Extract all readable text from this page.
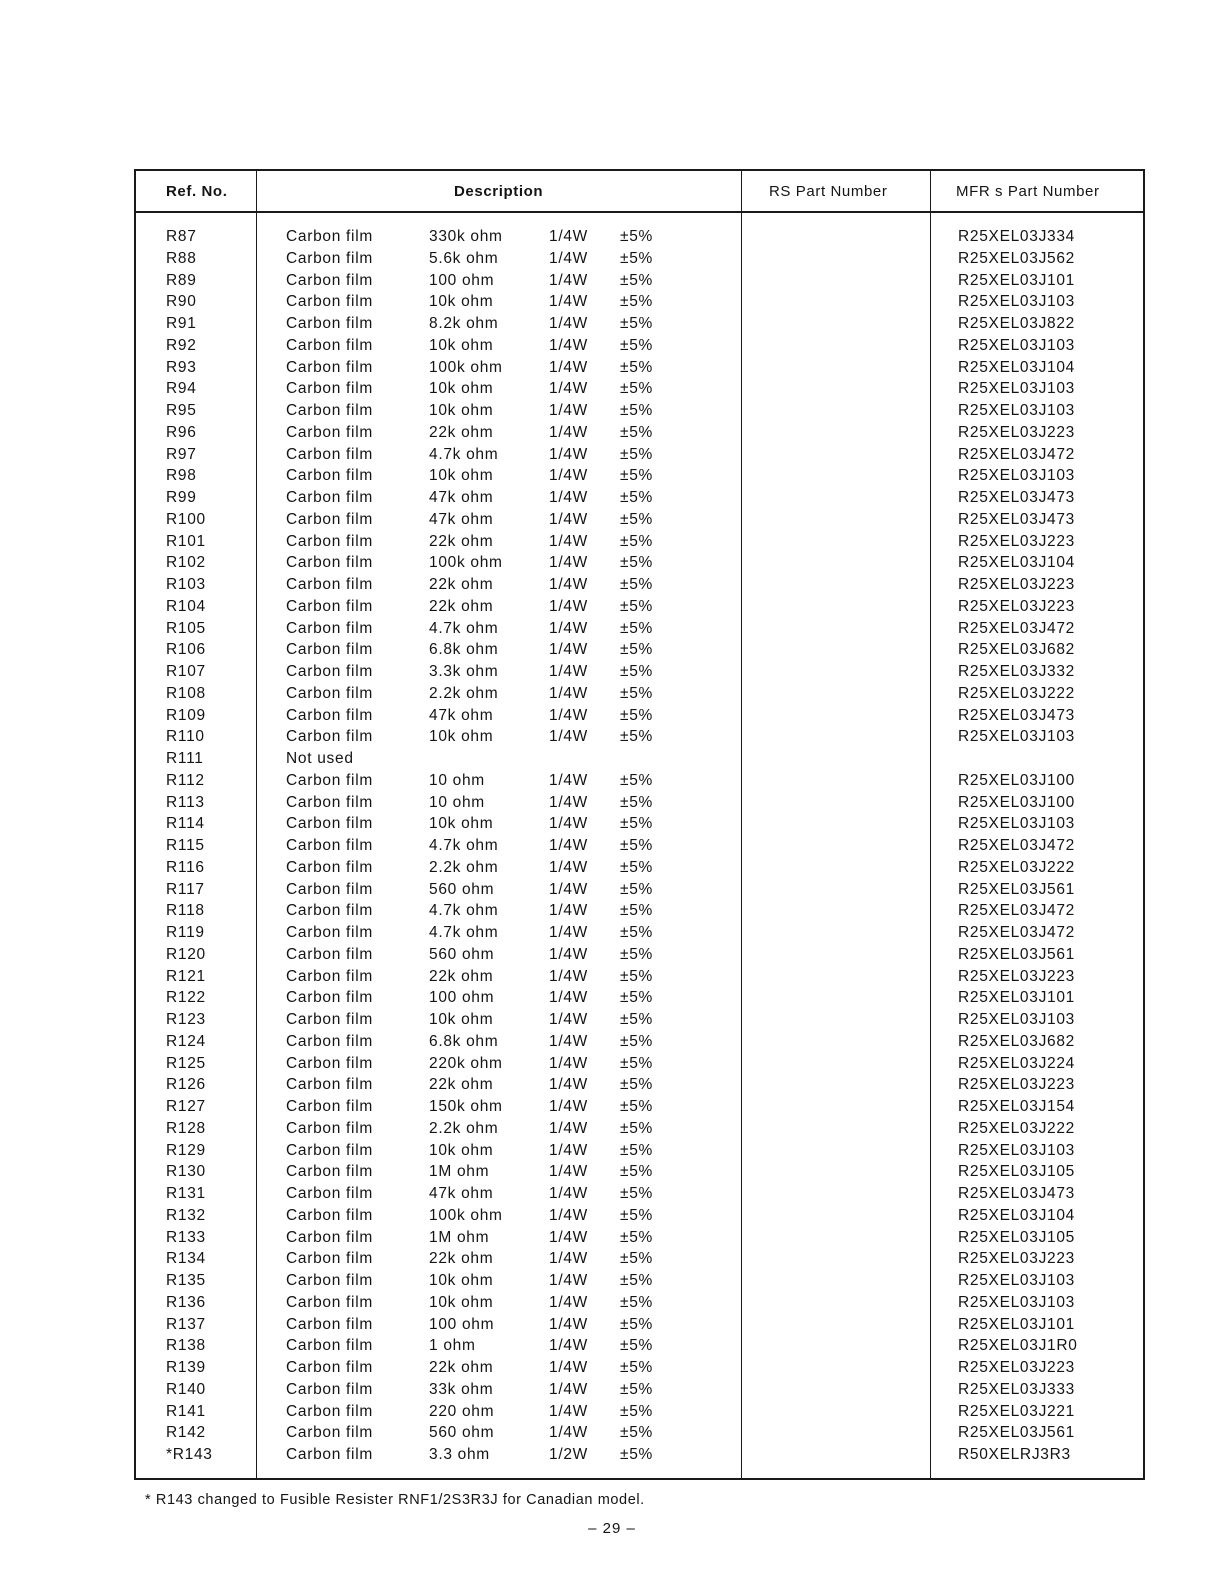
Ref. No.	Description	RS Part Number	MFR s Part Number
R87	Carbon film	330k ohm	1/4W ±5%	R25XEL03J334
R88	Carbon film	5.6k ohm	1/4W ±5%	R25XEL03J562
R89	Carbon film	100 ohm	1/4W ±5%	R25XEL03J101
R90	Carbon film	10k ohm	1/4W ±5%	R25XEL03J103
R91	Carbon film	8.2k ohm	1/4W ±5%	R25XEL03J822
R92	Carbon film	10k ohm	1/4W ±5%	R25XEL03J103
R93	Carbon film	100k ohm	1/4W ±5%	R25XEL03J104
R94	Carbon film	10k ohm	1/4W ±5%	R25XEL03J103
R95	Carbon film	10k ohm	1/4W ±5%	R25XEL03J103
R96	Carbon film	22k ohm	1/4W ±5%	R25XEL03J223
R97	Carbon film	4.7k ohm	1/4W ±5%	R25XEL03J472
R98	Carbon film	10k ohm	1/4W ±5%	R25XEL03J103
R99	Carbon film	47k ohm	1/4W ±5%	R25XEL03J473
R100	Carbon film	47k ohm	1/4W ±5%	R25XEL03J473
R101	Carbon film	22k ohm	1/4W ±5%	R25XEL03J223
R102	Carbon film	100k ohm	1/4W ±5%	R25XEL03J104
R103	Carbon film	22k ohm	1/4W ±5%	R25XEL03J223
R104	Carbon film	22k ohm	1/4W ±5%	R25XEL03J223
R105	Carbon film	4.7k ohm	1/4W ±5%	R25XEL03J472
R106	Carbon film	6.8k ohm	1/4W ±5%	R25XEL03J682
R107	Carbon film	3.3k ohm	1/4W ±5%	R25XEL03J332
R108	Carbon film	2.2k ohm	1/4W ±5%	R25XEL03J222
R109	Carbon film	47k ohm	1/4W ±5%	R25XEL03J473
R110	Carbon film	10k ohm	1/4W ±5%	R25XEL03J103
R111	Not used
R112	Carbon film	10 ohm	1/4W ±5%	R25XEL03J100
R113	Carbon film	10 ohm	1/4W ±5%	R25XEL03J100
R114	Carbon film	10k ohm	1/4W ±5%	R25XEL03J103
R115	Carbon film	4.7k ohm	1/4W ±5%	R25XEL03J472
R116	Carbon film	2.2k ohm	1/4W ±5%	R25XEL03J222
R117	Carbon film	560 ohm	1/4W ±5%	R25XEL03J561
R118	Carbon film	4.7k ohm	1/4W ±5%	R25XEL03J472
R119	Carbon film	4.7k ohm	1/4W ±5%	R25XEL03J472
R120	Carbon film	560 ohm	1/4W ±5%	R25XEL03J561
R121	Carbon film	22k ohm	1/4W ±5%	R25XEL03J223
R122	Carbon film	100 ohm	1/4W ±5%	R25XEL03J101
R123	Carbon film	10k ohm	1/4W ±5%	R25XEL03J103
R124	Carbon film	6.8k ohm	1/4W ±5%	R25XEL03J682
R125	Carbon film	220k ohm	1/4W ±5%	R25XEL03J224
R126	Carbon film	22k ohm	1/4W ±5%	R25XEL03J223
R127	Carbon film	150k ohm	1/4W ±5%	R25XEL03J154
R128	Carbon film	2.2k ohm	1/4W ±5%	R25XEL03J222
R129	Carbon film	10k ohm	1/4W ±5%	R25XEL03J103
R130	Carbon film	1M ohm	1/4W ±5%	R25XEL03J105
R131	Carbon film	47k ohm	1/4W ±5%	R25XEL03J473
R132	Carbon film	100k ohm	1/4W ±5%	R25XEL03J104
R133	Carbon film	1M ohm	1/4W ±5%	R25XEL03J105
R134	Carbon film	22k ohm	1/4W ±5%	R25XEL03J223
R135	Carbon film	10k ohm	1/4W ±5%	R25XEL03J103
R136	Carbon film	10k ohm	1/4W ±5%	R25XEL03J103
R137	Carbon film	100 ohm	1/4W ±5%	R25XEL03J101
R138	Carbon film	1 ohm	1/4W ±5%	R25XEL03J1R0
R139	Carbon film	22k ohm	1/4W ±5%	R25XEL03J223
R140	Carbon film	33k ohm	1/4W ±5%	R25XEL03J333
R141	Carbon film	220 ohm	1/4W ±5%	R25XEL03J221
R142	Carbon film	560 ohm	1/4W ±5%	R25XEL03J561
*R143	Carbon film	3.3 ohm	1/2W ±5%	R50XELRJ3R3
* R143 changed to Fusible Resister RNF1/2S3R3J for Canadian model.
– 29 –
